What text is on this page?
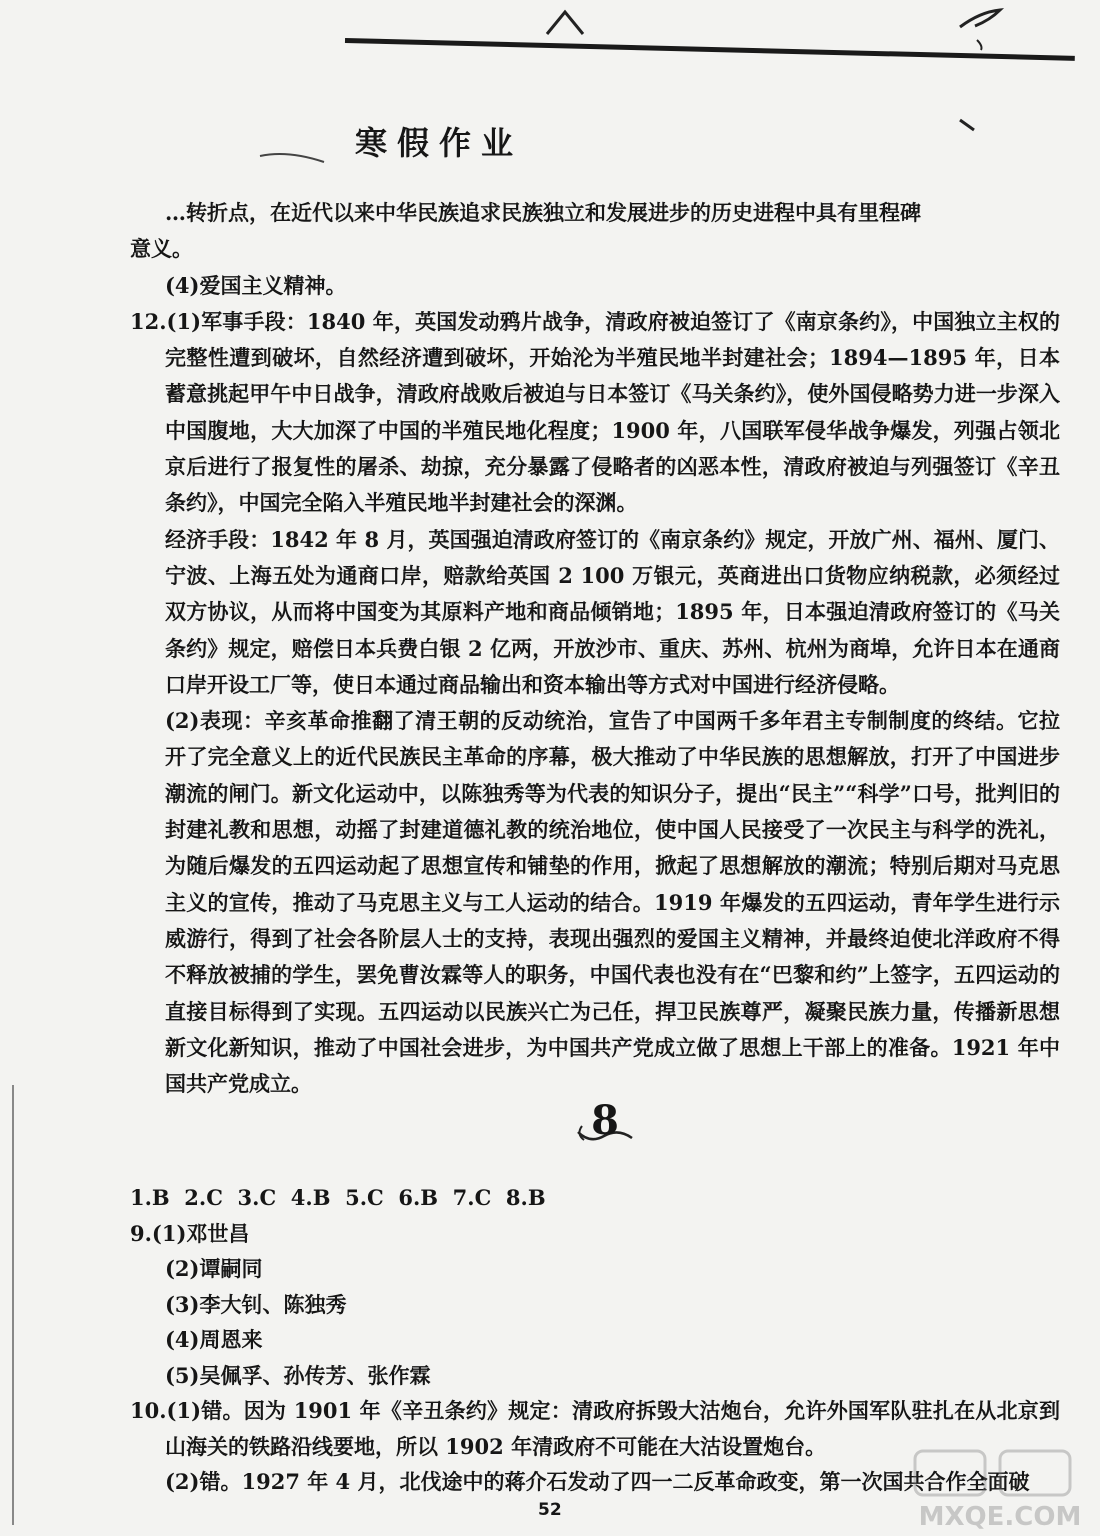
寒假作业

…转折点，在近代以来中华民族追求民族独立和发展进步的历史进程中具有里程碑

意义。

(4)爱国主义精神。

12.(1)军事手段：1840 年，英国发动鸦片战争，清政府被迫签订了《南京条约》，中国独立主权的完整性遭到破坏，自然经济遭到破坏，开始沦为半殖民地半封建社会；1894—1895 年，日本蓄意挑起甲午中日战争，清政府战败后被迫与日本签订《马关条约》，使外国侵略势力进一步深入中国腹地，大大加深了中国的半殖民地化程度；1900 年，八国联军侵华战争爆发，列强占领北京后进行了报复性的屠杀、劫掠，充分暴露了侵略者的凶恶本性，清政府被迫与列强签订《辛丑条约》，中国完全陷入半殖民地半封建社会的深渊。

经济手段：1842 年 8 月，英国强迫清政府签订的《南京条约》规定，开放广州、福州、厦门、宁波、上海五处为通商口岸，赔款给英国 2 100 万银元，英商进出口货物应纳税款，必须经过双方协议，从而将中国变为其原料产地和商品倾销地；1895 年，日本强迫清政府签订的《马关条约》规定，赔偿日本兵费白银 2 亿两，开放沙市、重庆、苏州、杭州为商埠，允许日本在通商口岸开设工厂等，使日本通过商品输出和资本输出等方式对中国进行经济侵略。

(2)表现：辛亥革命推翻了清王朝的反动统治，宣告了中国两千多年君主专制制度的终结。它拉开了完全意义上的近代民族民主革命的序幕，极大推动了中华民族的思想解放，打开了中国进步潮流的闸门。新文化运动中，以陈独秀等为代表的知识分子，提出“民主”“科学”口号，批判旧的封建礼教和思想，动摇了封建道德礼教的统治地位，使中国人民接受了一次民主与科学的洗礼，为随后爆发的五四运动起了思想宣传和铺垫的作用，掀起了思想解放的潮流；特别后期对马克思主义的宣传，推动了马克思主义与工人运动的结合。1919 年爆发的五四运动，青年学生进行示威游行，得到了社会各阶层人士的支持，表现出强烈的爱国主义精神，并最终迫使北洋政府不得不释放被捕的学生，罢免曹汝霖等人的职务，中国代表也没有在“巴黎和约”上签字，五四运动的直接目标得到了实现。五四运动以民族兴亡为己任，捍卫民族尊严，凝聚民族力量，传播新思想新文化新知识，推动了中国社会进步，为中国共产党成立做了思想上干部上的准备。1921 年中国共产党成立。

8

1.B  2.C  3.C  4.B  5.C  6.B  7.C  8.B

9.(1)邓世昌

(2)谭嗣同

(3)李大钊、陈独秀

(4)周恩来

(5)吴佩孚、孙传芳、张作霖

10.(1)错。因为 1901 年《辛丑条约》规定：清政府拆毁大沽炮台，允许外国军队驻扎在从北京到山海关的铁路沿线要地，所以 1902 年清政府不可能在大沽设置炮台。

(2)错。1927 年 4 月，北伐途中的蒋介石发动了四一二反革命政变，第一次国共合作全面破

52	MXQE.COM
